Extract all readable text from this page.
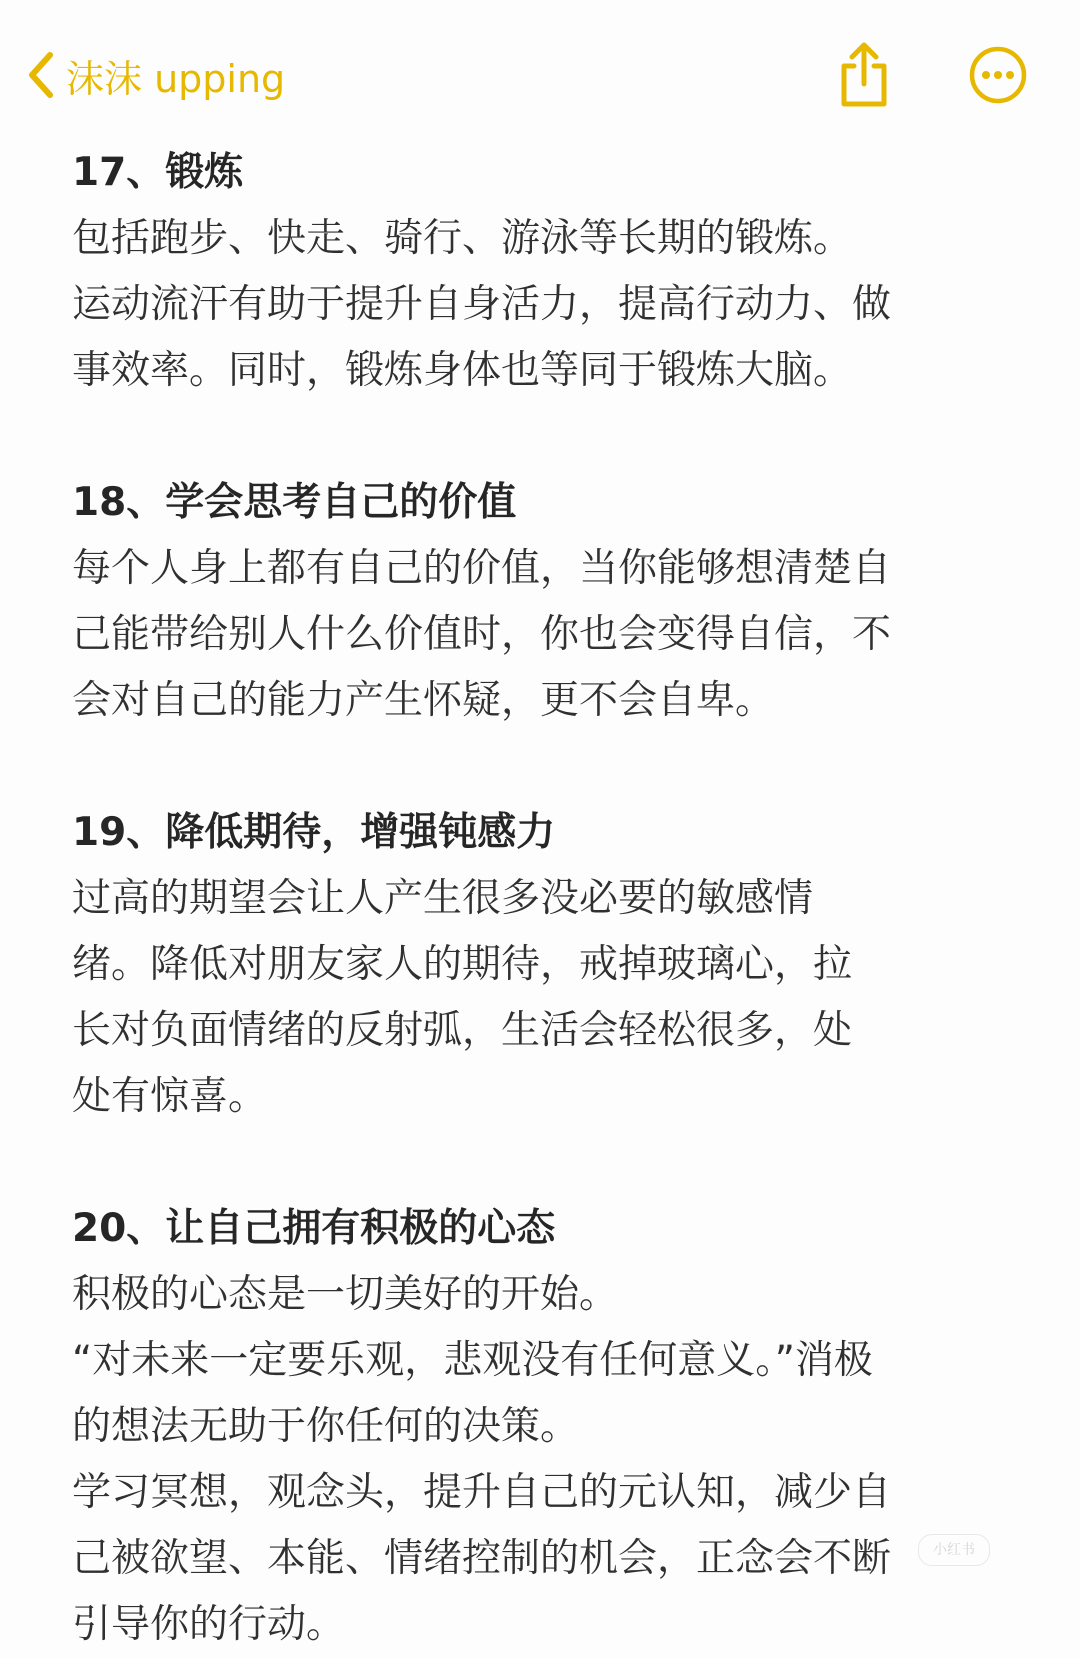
沫沫 upping
17、锻炼
包括跑步、快走、骑行、游泳等长期的锻炼。
运动流汗有助于提升自身活力，提高行动力、做
事效率。同时，锻炼身体也等同于锻炼大脑。
18、学会思考自己的价值
每个人身上都有自己的价值，当你能够想清楚自
己能带给别人什么价值时，你也会变得自信，不
会对自己的能力产生怀疑，更不会自卑。
19、降低期待，增强钝感力
过高的期望会让人产生很多没必要的敏感情
绪。降低对朋友家人的期待，戒掉玻璃心，拉
长对负面情绪的反射弧，生活会轻松很多，处
处有惊喜。
20、让自己拥有积极的心态
积极的心态是一切美好的开始。
“对未来一定要乐观，悲观没有任何意义。”消极
的想法无助于你任何的决策。
学习冥想，观念头，提升自己的元认知，减少自
己被欲望、本能、情绪控制的机会，正念会不断
引导你的行动。
小红书
